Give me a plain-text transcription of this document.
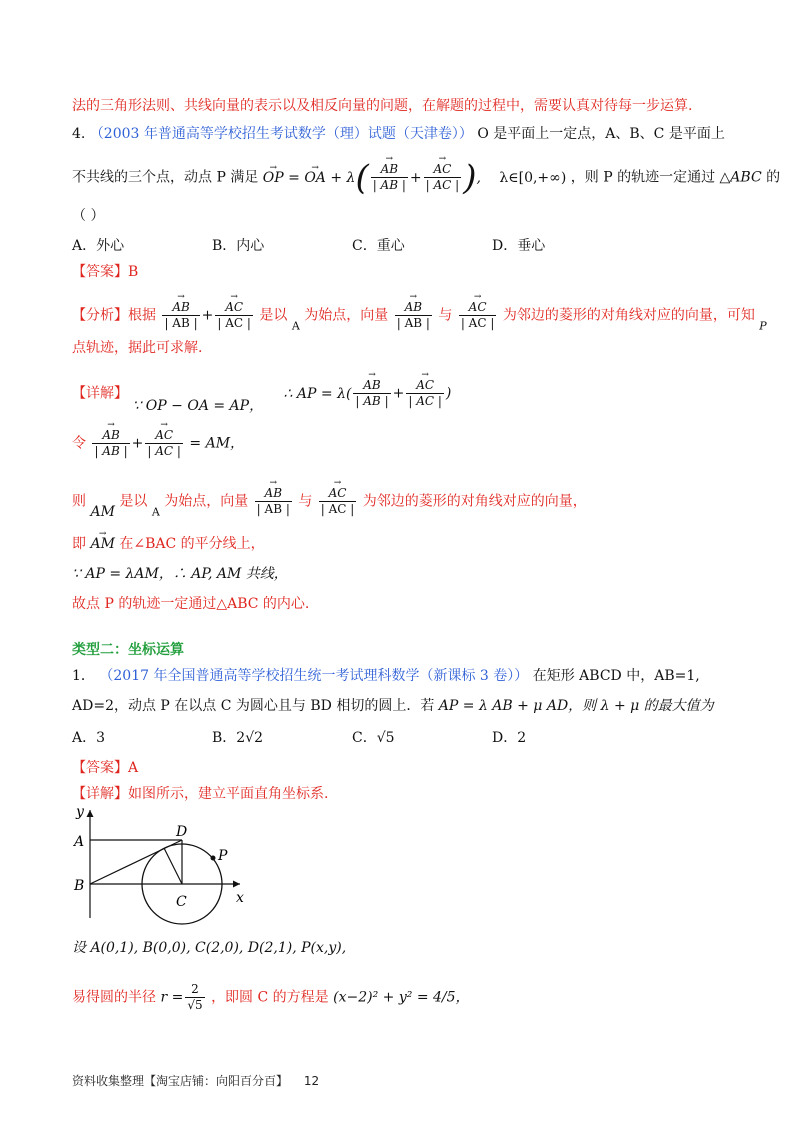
法的三角形法则、共线向量的表示以及相反向量的问题，在解题的过程中，需要认真对待每一步运算.
4. （2003 年普通高等学校招生考试数学（理）试题（天津卷）） O 是平面上一定点，A、B、C 是平面上
不共线的三个点，动点 P 满足 → OP = → OA + λ(
→ $\frac{AB}{| AB |}$ +
→ $\frac{AC}{| AC |}$ ), λ∈[0,+∞) ，则 P 的轨迹一定通过 △ABC 的
（ ）
A．外心	B．内心	C．重心	D．垂心
【答案】B
【分析】根据
→ $\frac{AB}{| AB |}$ +
→ $\frac{AC}{| AC |}$ 是以 $_A$ 为始点，向量
→ $\frac{AB}{| AB |}$ 与
→ $\frac{AC}{| AC |}$ 为邻边的菱形的对角线对应的向量，可知 $_P$
点轨迹，据此可求解.
【详解】 ∵ OP − OA = AP， ∴ AP = λ(
→ $\frac{AB}{| AB |}$ +
→ $\frac{AC}{| AC |}$ )
令
→ $\frac{AB}{| AB |}$ +
→ $\frac{AC}{| AC |}$ = AM，
则 AM 是以 $_A$ 为始点，向量
→ $\frac{AB}{| AB |}$ 与
→ $\frac{AC}{| AC |}$ 为邻边的菱形的对角线对应的向量，
即 → AM 在∠BAC 的平分线上，
∵ AP = λAM，∴ AP, AM 共线，
故点 P 的轨迹一定通过△ABC 的内心.
类型二：坐标运算
1． （2017 年全国普通高等学校招生统一考试理科数学（新课标 3 卷）） 在矩形 ABCD 中，AB=1,
AD=2，动点 P 在以点 C 为圆心且与 BD 相切的圆上．若 AP = λ AB + μ AD，则 λ + μ 的最大值为
A．3	B．2√2	C．√5	D．2
【答案】A
【详解】如图所示，建立平面直角坐标系.
y
x
A
B
C
D
P
设 A(0,1), B(0,0), C(2,0), D(2,1), P(x,y),
易得圆的半径 $r = \frac{2}{√5}$ ，即圆 C 的方程是 (x−2)² + y² = 4/5，
资料收集整理【淘宝店铺：向阳百分百】 12
